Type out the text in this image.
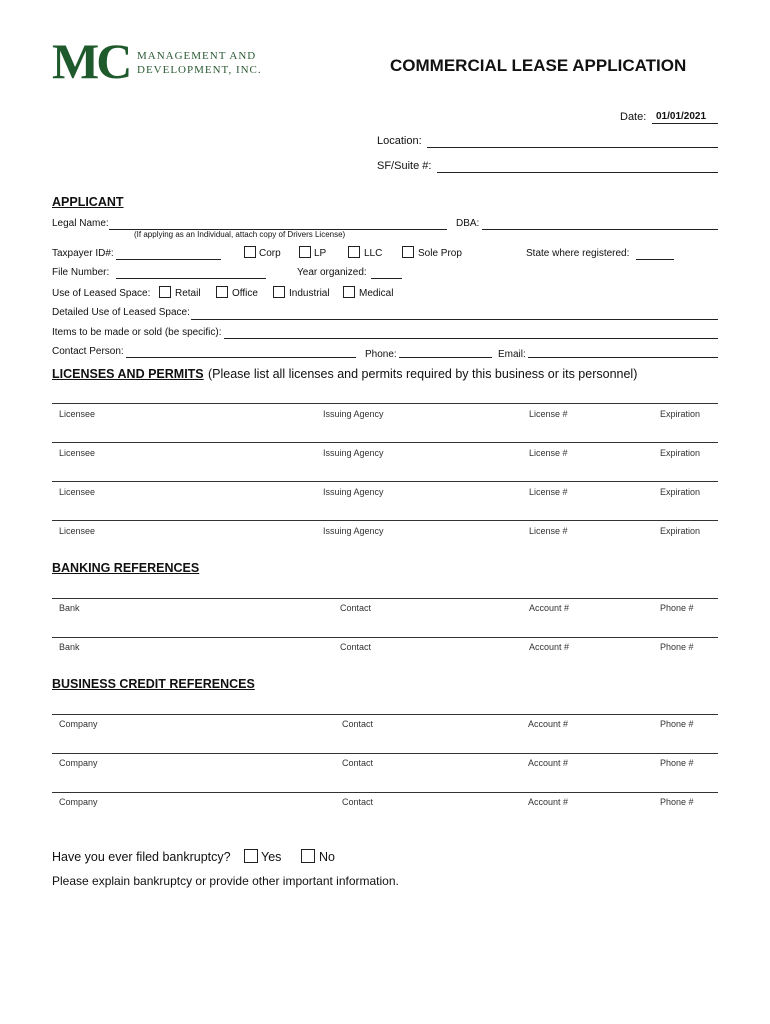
MC MANAGEMENT AND
DEVELOPMENT, INC.	COMMERCIAL LEASE APPLICATION
Date: 01/01/2021
Location:
SF/Suite #:
APPLICANT
Legal Name:	DBA:
(If applying as an Individual, attach copy of Drivers License)
Taxpayer ID#:	Corp	LP	LLC	Sole Prop	State where registered:
File Number:	Year organized:
Use of Leased Space: Retail	Office	Industrial	Medical
Detailed Use of Leased Space:
Items to be made or sold (be specific):
Contact Person:	Phone:	Email:
LICENSES AND PERMITS (Please list all licenses and permits required by this business or its personnel)
Licensee	Issuing Agency	License #	Expiration
Licensee	Issuing Agency	License #	Expiration
Licensee	Issuing Agency	License #	Expiration
Licensee	Issuing Agency	License #	Expiration
BANKING REFERENCES
Bank	Contact	Account #	Phone #
Bank	Contact	Account #	Phone #
BUSINESS CREDIT REFERENCES
Company	Contact	Account #	Phone #
Company	Contact	Account #	Phone #
Company	Contact	Account #	Phone #
Have you ever filed bankruptcy? Yes	No
Please explain bankruptcy or provide other important information.
